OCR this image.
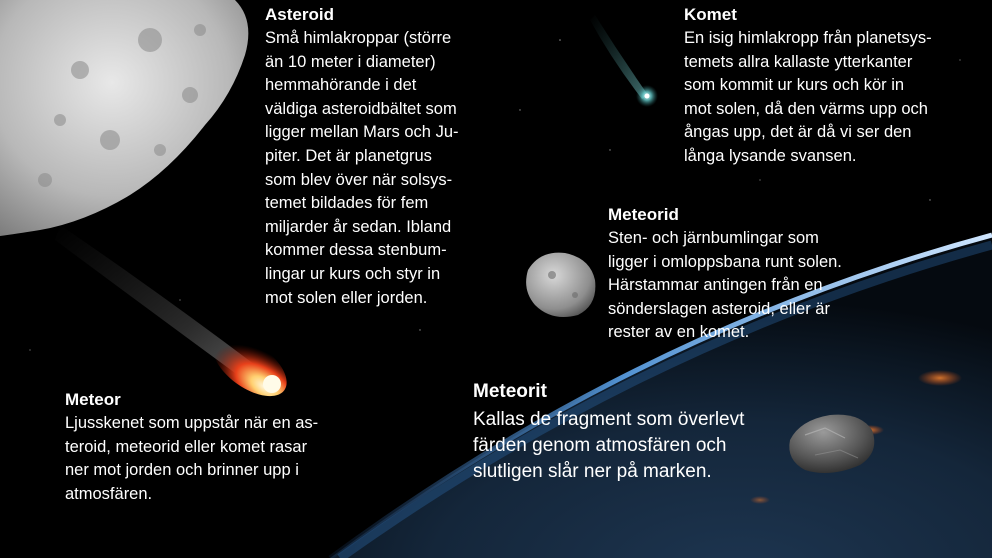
Asteroid

Små himlakroppar (större
än 10 meter i diameter)
hemmahörande i det
väldiga asteroidbältet som
ligger mellan Mars och Ju-
piter. Det är planetgrus
som blev över när solsys-
temet bildades för fem
miljarder år sedan. Ibland
kommer dessa stenbum-
lingar ur kurs och styr in
mot solen eller jorden.

Komet

En isig himlakropp från planetsys-
temets allra kallaste ytterkanter
som kommit ur kurs och kör in
mot solen, då den värms upp och
ångas upp, det är då vi ser den
långa lysande svansen.

Meteorid

Sten- och järnbumlingar som
ligger i omloppsbana runt solen.
Härstammar antingen från en
sönderslagen asteroid, eller är
rester av en komet.

Meteor

Ljusskenet som uppstår när en as-
teroid, meteorid eller komet rasar
ner mot jorden och brinner upp i
atmosfären.

Meteorit

Kallas de fragment som överlevt
färden genom atmosfären och
slutligen slår ner på marken.
